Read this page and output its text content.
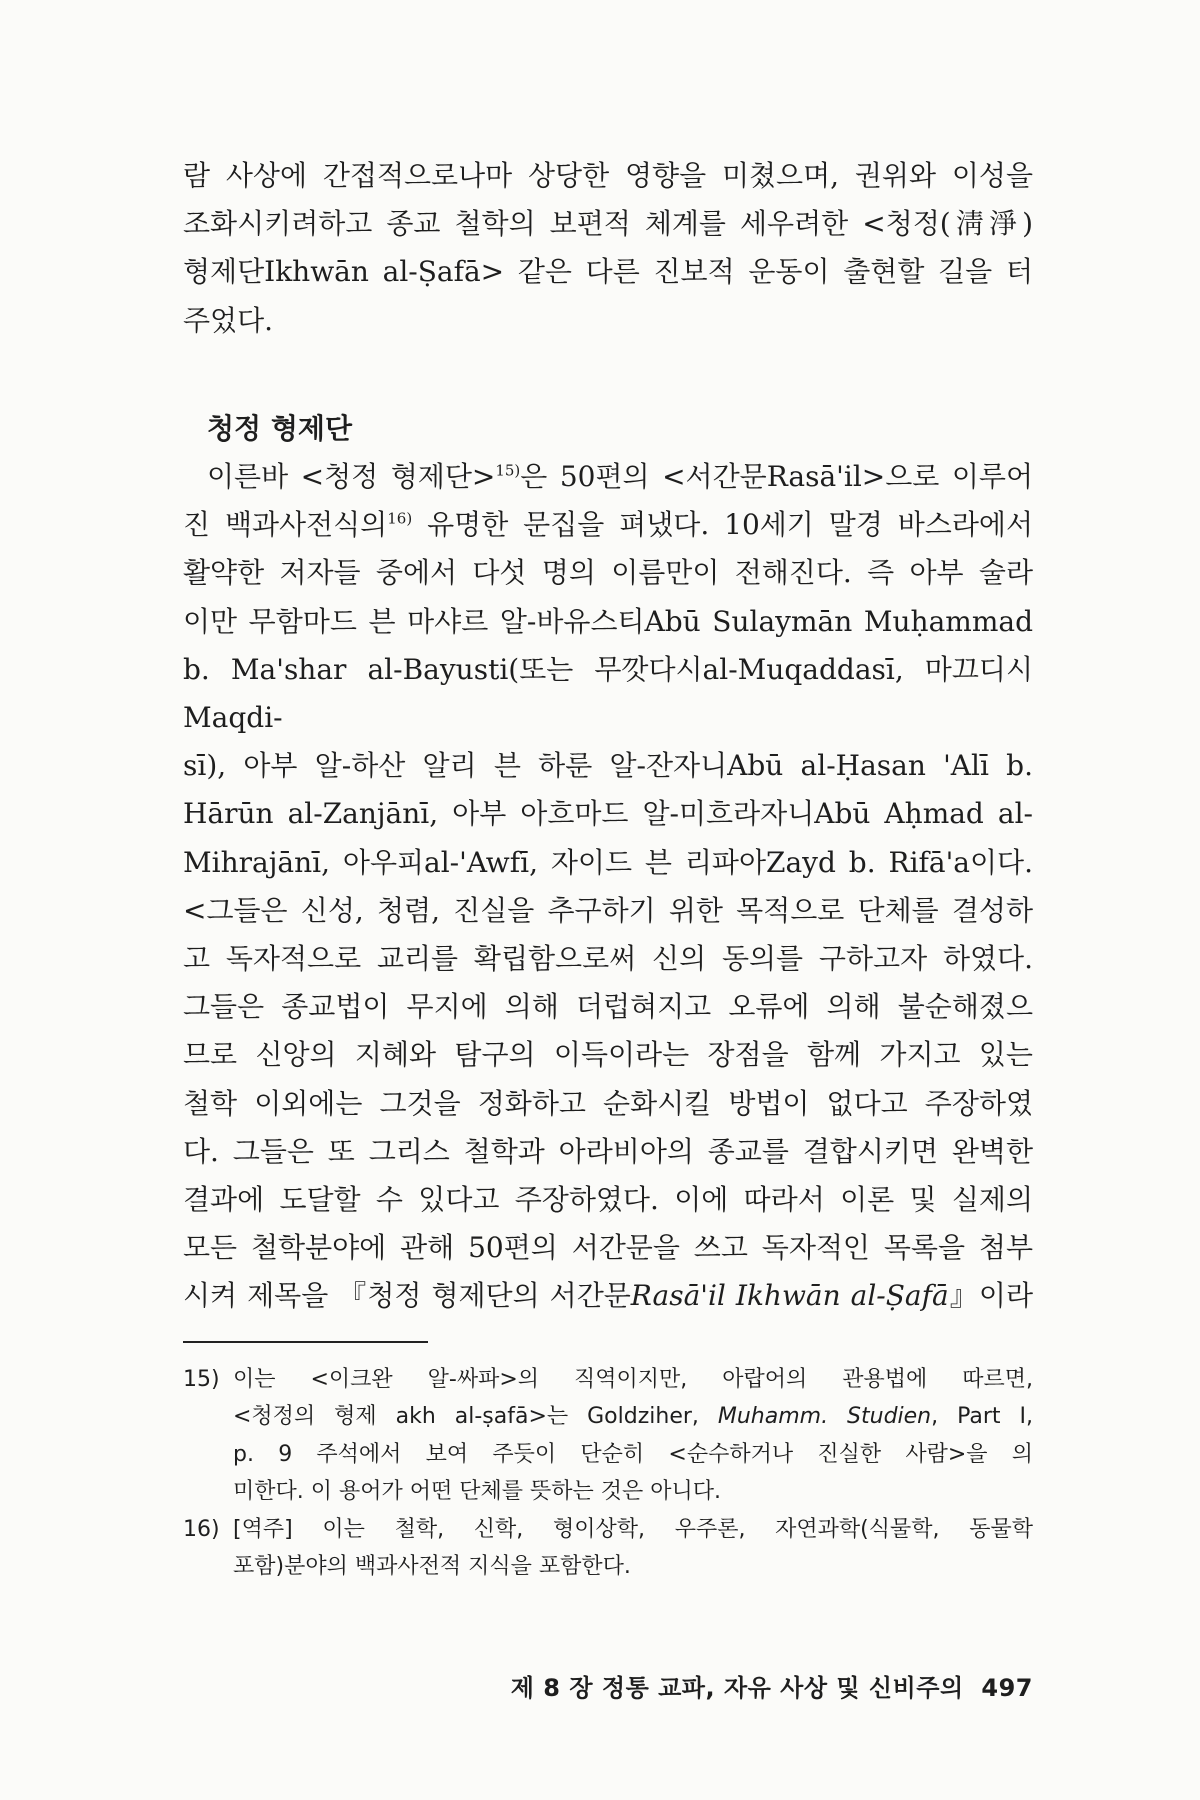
람 사상에 간접적으로나마 상당한 영향을 미쳤으며, 권위와 이성을

조화시키려하고 종교 철학의 보편적 체계를 세우려한 <청정(淸淨)

형제단Ikhwān al-Ṣafā> 같은 다른 진보적 운동이 출현할 길을 터

주었다.

청정 형제단

이른바 <청정 형제단>$^{15)}$은 50편의 <서간문Rasā'il>으로 이루어

진 백과사전식의$^{16)}$ 유명한 문집을 펴냈다. 10세기 말경 바스라에서

활약한 저자들 중에서 다섯 명의 이름만이 전해진다. 즉 아부 술라

이만 무함마드 븐 마샤르 알-바유스티Abū Sulaymān Muḥammad

b. Ma'shar al-Bayusti(또는 무깟다시al-Muqaddasī, 마끄디시Maqdi-

sī), 아부 알-하산 알리 븐 하룬 알-잔자니Abū al-Ḥasan 'Alī b.

Hārūn al-Zanjānī, 아부 아흐마드 알-미흐라자니Abū Aḥmad al-

Mihrajānī, 아우피al-'Awfī, 자이드 븐 리파아Zayd b. Rifā'a이다.

<그들은 신성, 청렴, 진실을 추구하기 위한 목적으로 단체를 결성하

고 독자적으로 교리를 확립함으로써 신의 동의를 구하고자 하였다.

그들은 종교법이 무지에 의해 더럽혀지고 오류에 의해 불순해졌으

므로 신앙의 지혜와 탐구의 이득이라는 장점을 함께 가지고 있는

철학 이외에는 그것을 정화하고 순화시킬 방법이 없다고 주장하였

다. 그들은 또 그리스 철학과 아라비아의 종교를 결합시키면 완벽한

결과에 도달할 수 있다고 주장하였다. 이에 따라서 이론 및 실제의

모든 철학분야에 관해 50편의 서간문을 쓰고 독자적인 목록을 첨부

시켜 제목을 『청정 형제단의 서간문Rasā'il Ikhwān al-Ṣafā』이라

15) 이는 <이크완 알-싸파>의 직역이지만, 아랍어의 관용법에 따르면,
<청정의 형제 akh al-ṣafā>는 Goldziher, Muhamm. Studien, Part I,
p. 9 주석에서 보여 주듯이 단순히 <순수하거나 진실한 사람>을 의
미한다. 이 용어가 어떤 단체를 뜻하는 것은 아니다.
16) [역주] 이는 철학, 신학, 형이상학, 우주론, 자연과학(식물학, 동물학
포함)분야의 백과사전적 지식을 포함한다.
제 8 장 정통 교파, 자유 사상 및 신비주의 497
